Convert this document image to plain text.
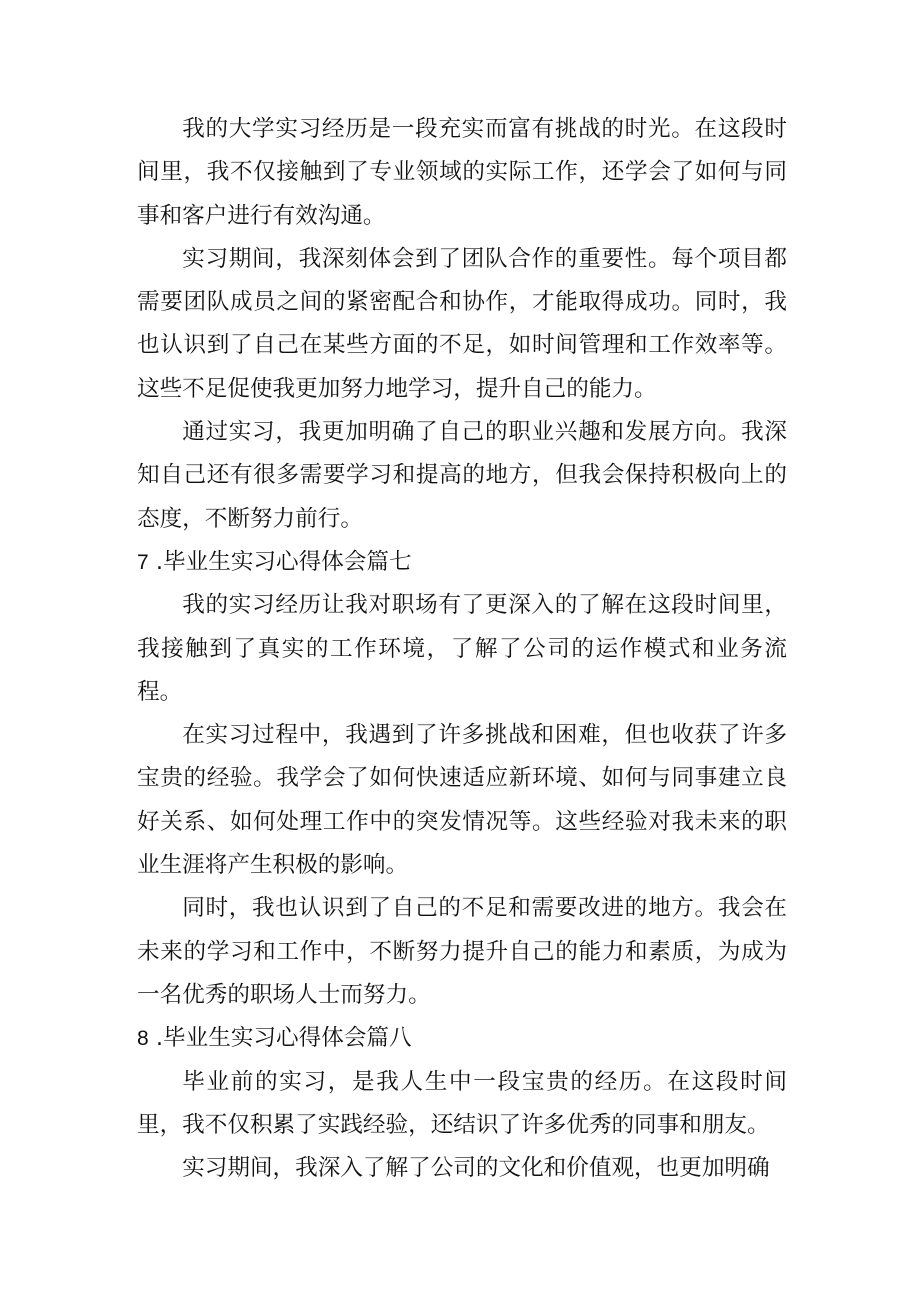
我的大学实习经历是一段充实而富有挑战的时光。在这段时间里，我不仅接触到了专业领域的实际工作，还学会了如何与同事和客户进行有效沟通。

实习期间，我深刻体会到了团队合作的重要性。每个项目都需要团队成员之间的紧密配合和协作，才能取得成功。同时，我也认识到了自己在某些方面的不足，如时间管理和工作效率等。这些不足促使我更加努力地学习，提升自己的能力。

通过实习，我更加明确了自己的职业兴趣和发展方向。我深知自己还有很多需要学习和提高的地方，但我会保持积极向上的态度，不断努力前行。

7 .毕业生实习心得体会篇七

我的实习经历让我对职场有了更深入的了解在这段时间里，我接触到了真实的工作环境，了解了公司的运作模式和业务流程。

在实习过程中，我遇到了许多挑战和困难，但也收获了许多宝贵的经验。我学会了如何快速适应新环境、如何与同事建立良好关系、如何处理工作中的突发情况等。这些经验对我未来的职业生涯将产生积极的影响。

同时，我也认识到了自己的不足和需要改进的地方。我会在未来的学习和工作中，不断努力提升自己的能力和素质，为成为一名优秀的职场人士而努力。

8 .毕业生实习心得体会篇八

毕业前的实习，是我人生中一段宝贵的经历。在这段时间里，我不仅积累了实践经验，还结识了许多优秀的同事和朋友。

实习期间，我深入了解了公司的文化和价值观，也更加明确
